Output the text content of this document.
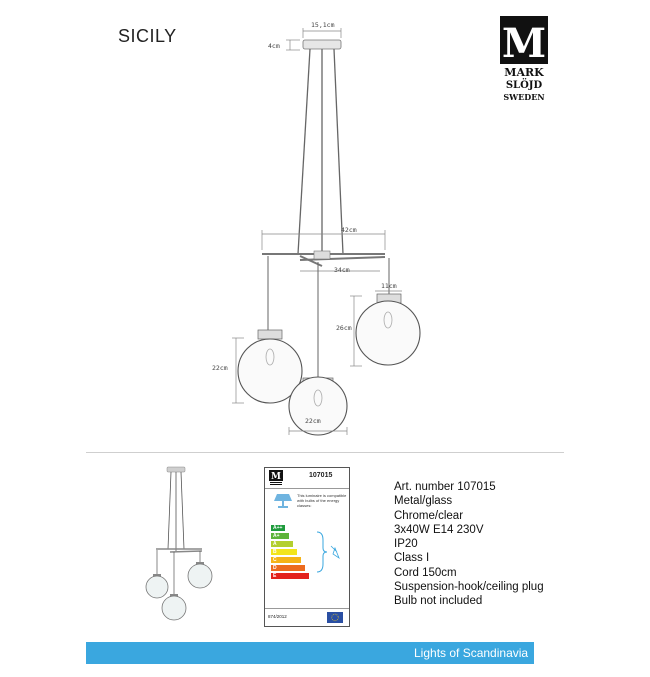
SICILY	M
MARK
SLÖJD
SWEDEN
15,1cm
4cm
42cm
34cm
11cm
26cm
22cm
22cm
M	107015
This luminaire is compatible with bulbs of the energy classes:
A++
A+
A
B
C
D
E
874/2012
Art. number 107015
Metal/glass
Chrome/clear
3x40W E14 230V
IP20
Class I
Cord 150cm
Suspension-hook/ceiling plug
Bulb not included
Lights of Scandinavia
